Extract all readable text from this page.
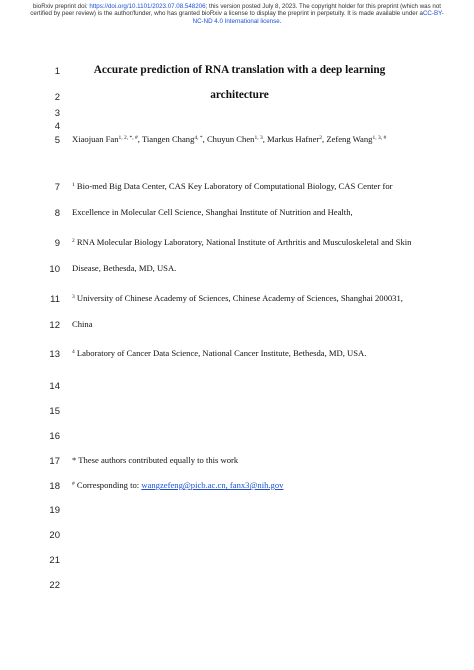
bioRxiv preprint doi: https://doi.org/10.1101/2023.07.08.548206; this version posted July 8, 2023. The copyright holder for this preprint (which was not certified by peer review) is the author/funder, who has granted bioRxiv a license to display the preprint in perpetuity. It is made available under aCC-BY-NC-ND 4.0 International license.
1
2
3
4
5
7
8
9
10
11
12
13
14
15
16
17
18
19
20
21
22
Accurate prediction of RNA translation with a deep learning
architecture
Xiaojuan Fan$^{1, 2, *, \#}$, Tiangen Chang$^{4, *}$, Chuyun Chen$^{1, 3}$, Markus Hafner$^2$, Zefeng Wang$^{1, 3, \#}$
$^1$ Bio-med Big Data Center, CAS Key Laboratory of Computational Biology, CAS Center for
Excellence in Molecular Cell Science, Shanghai Institute of Nutrition and Health,
$^2$ RNA Molecular Biology Laboratory, National Institute of Arthritis and Musculoskeletal and Skin
Disease, Bethesda, MD, USA.
$^3$ University of Chinese Academy of Sciences, Chinese Academy of Sciences, Shanghai 200031,
China
$^4$ Laboratory of Cancer Data Science, National Cancer Institute, Bethesda, MD, USA.
* These authors contributed equally to this work
# Corresponding to: wangzefeng@picb.ac.cn, fanx3@nih.gov
